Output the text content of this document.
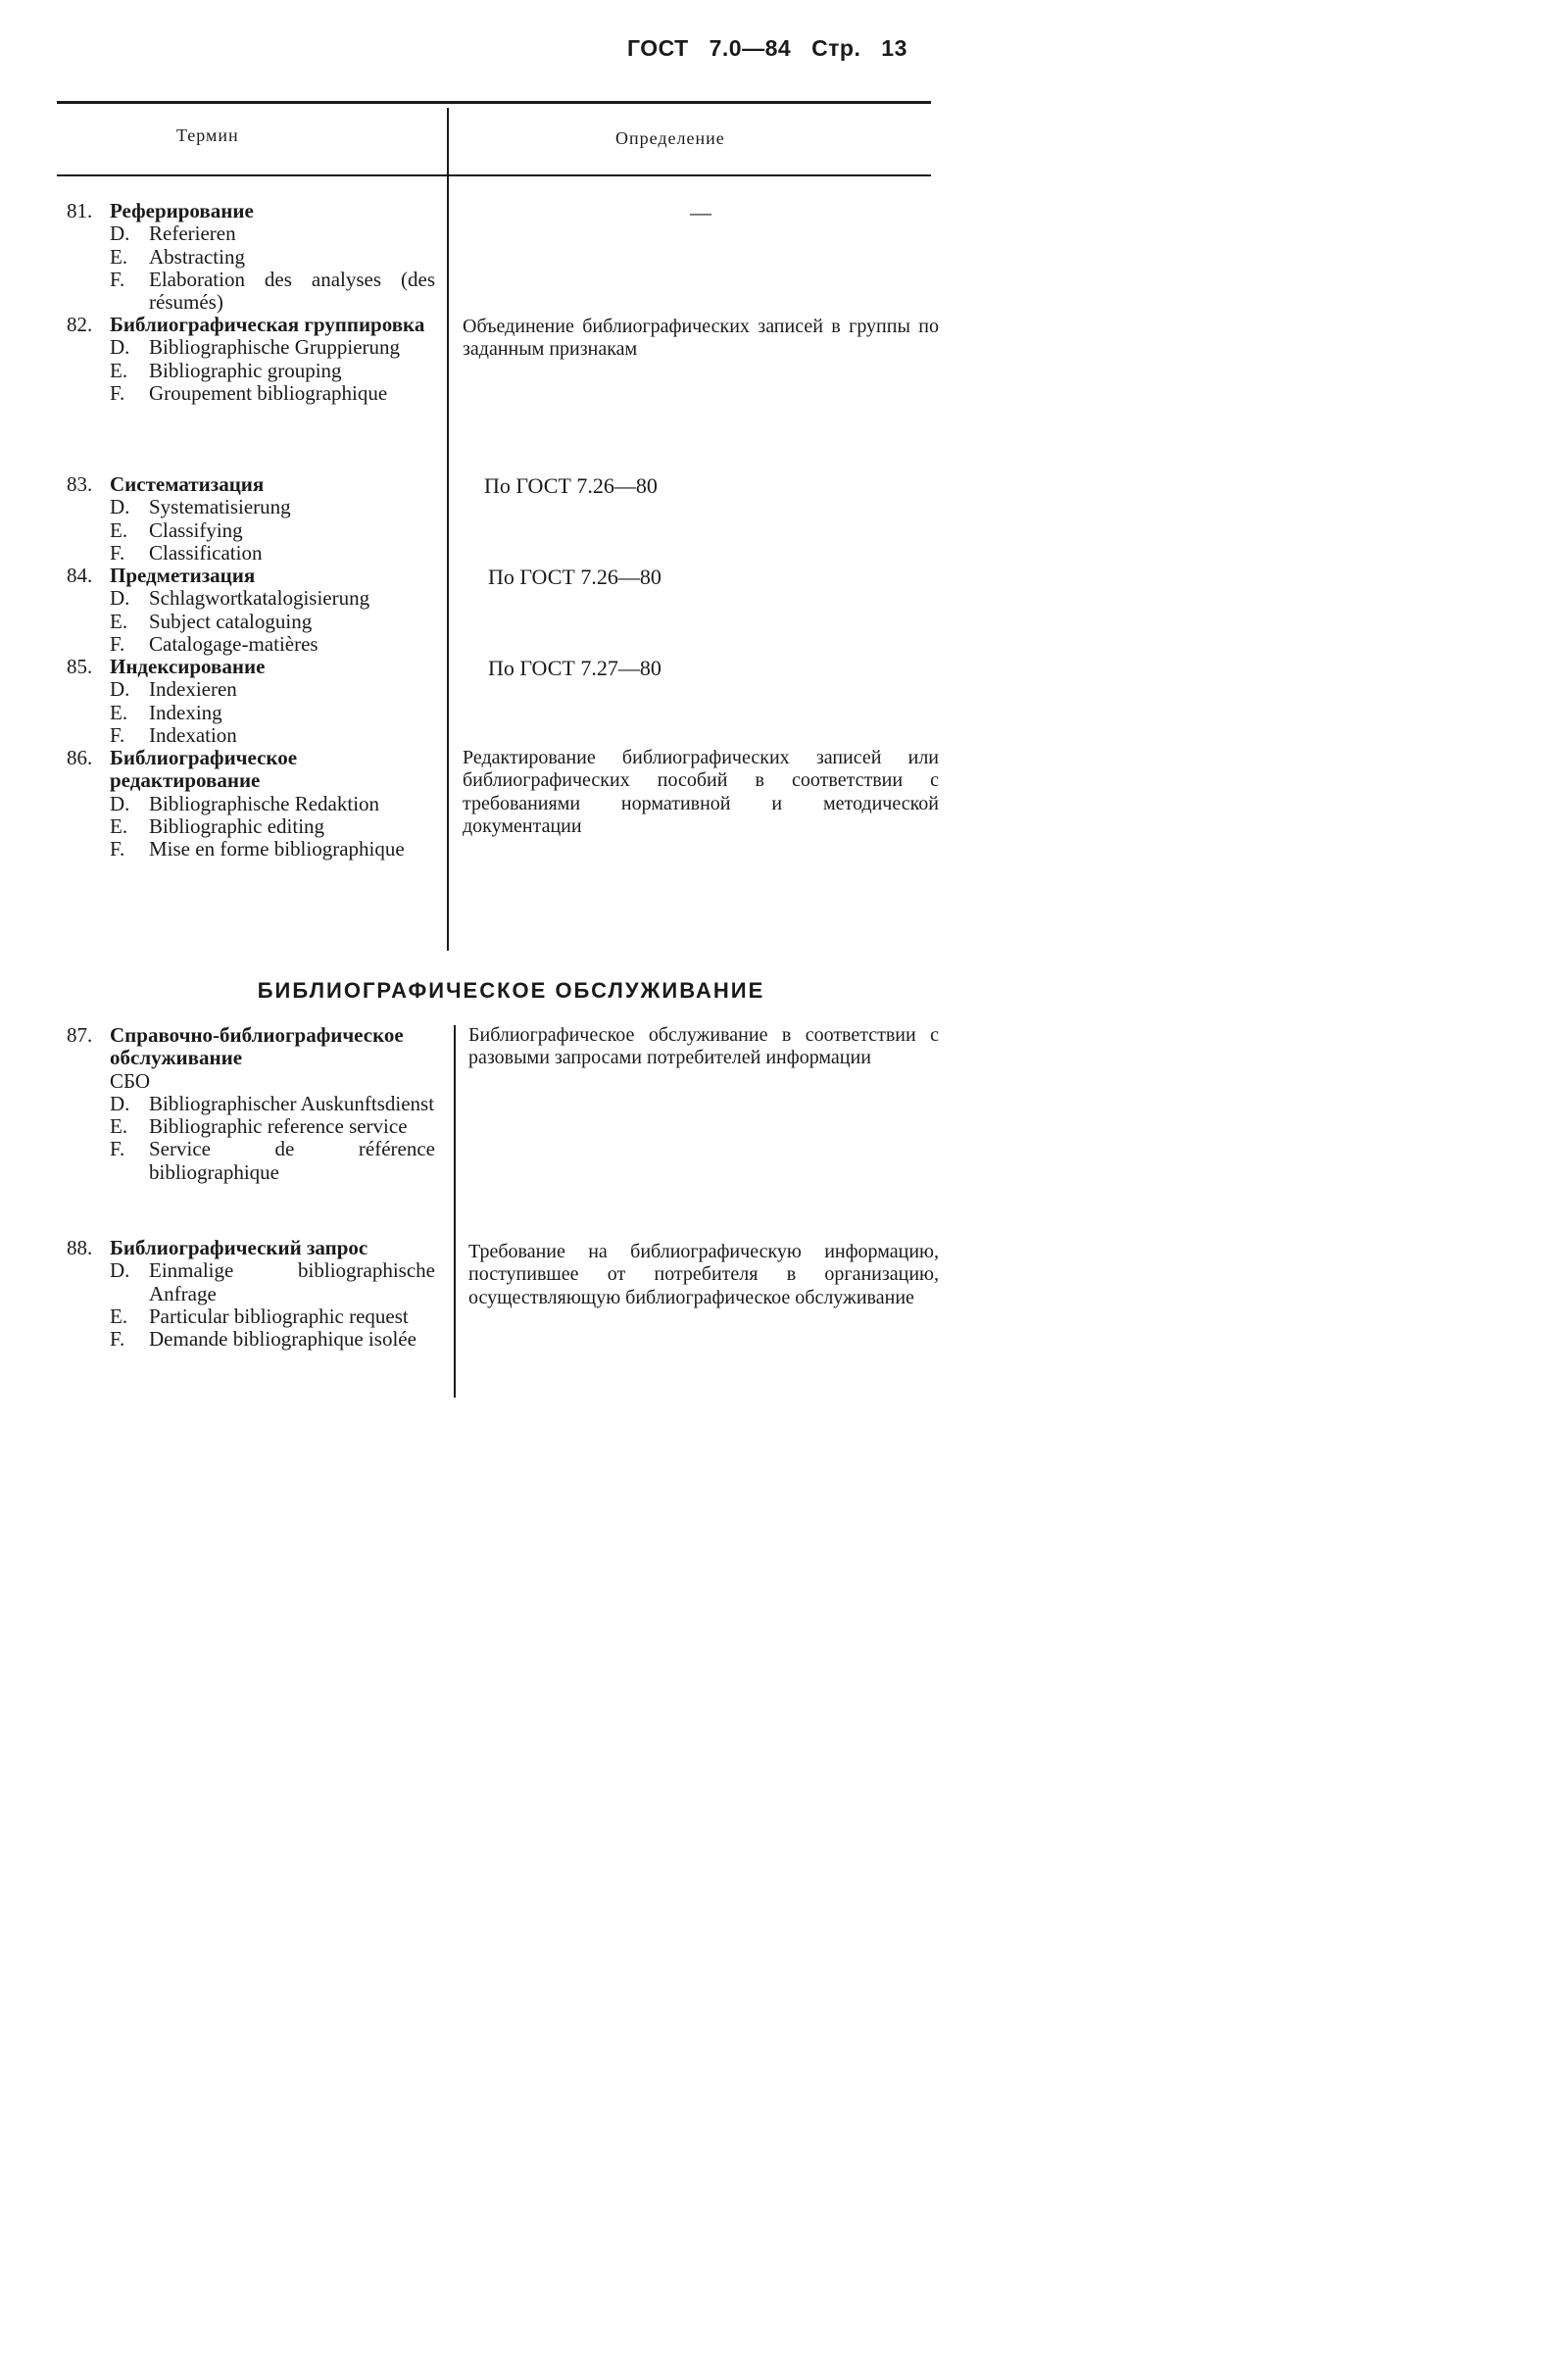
ГОСТ 7.0—84 Стр. 13
Термин	Определение
81. Реферирование
D. Referieren
E. Abstracting
F. Elaboration des analyses (des résumés)
—
82. Библиографическая группировка
D. Bibliographische Gruppierung
E. Bibliographic grouping
F. Groupement bibliographique
Объединение библиографических записей в группы по заданным признакам
83. Систематизация
D. Systematisierung
E. Classifying
F. Classification
По ГОСТ 7.26—80
84. Предметизация
D. Schlagwortkatalogisierung
E. Subject cataloguing
F. Catalogage-matières
По ГОСТ 7.26—80
85. Индексирование
D. Indexieren
E. Indexing
F. Indexation
По ГОСТ 7.27—80
86. Библиографическое редактирование
D. Bibliographische Redaktion
E. Bibliographic editing
F. Mise en forme bibliographique
Редактирование библиографических записей или библиографических пособий в соответствии с требованиями нормативной и методической документации
БИБЛИОГРАФИЧЕСКОЕ ОБСЛУЖИВАНИЕ
87. Справочно-библиографическое обслуживание
СБО
D. Bibliographischer Auskunftsdienst
E. Bibliographic reference service
F. Service de référence bibliographique
Библиографическое обслуживание в соответствии с разовыми запросами потребителей информации
88. Библиографический запрос
D. Einmalige bibliographische Anfrage
E. Particular bibliographic request
F. Demande bibliographique isolée
Требование на библиографическую информацию, поступившее от потребителя в организацию, осуществляющую библиографическое обслуживание
